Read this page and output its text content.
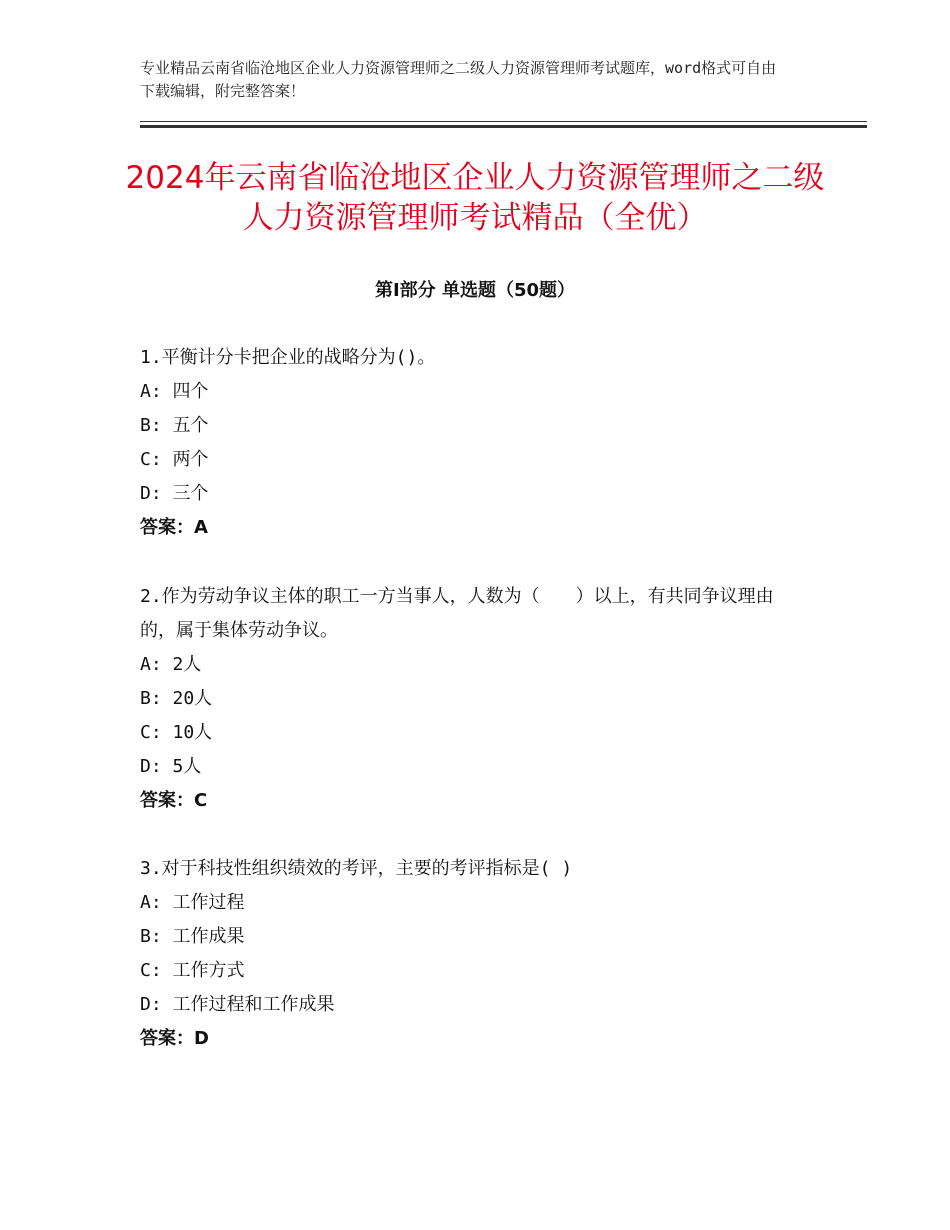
专业精品云南省临沧地区企业人力资源管理师之二级人力资源管理师考试题库，word格式可自由下载编辑，附完整答案！
2024年云南省临沧地区企业人力资源管理师之二级人力资源管理师考试精品（全优）
第Ⅰ部分 单选题（50题）
1.平衡计分卡把企业的战略分为()。
A: 四个
B: 五个
C: 两个
D: 三个
答案：A
2.作为劳动争议主体的职工一方当事人，人数为（　　）以上，有共同争议理由的，属于集体劳动争议。
A: 2人
B: 20人
C: 10人
D: 5人
答案：C
3.对于科技性组织绩效的考评，主要的考评指标是( )
A: 工作过程
B: 工作成果
C: 工作方式
D: 工作过程和工作成果
答案：D
